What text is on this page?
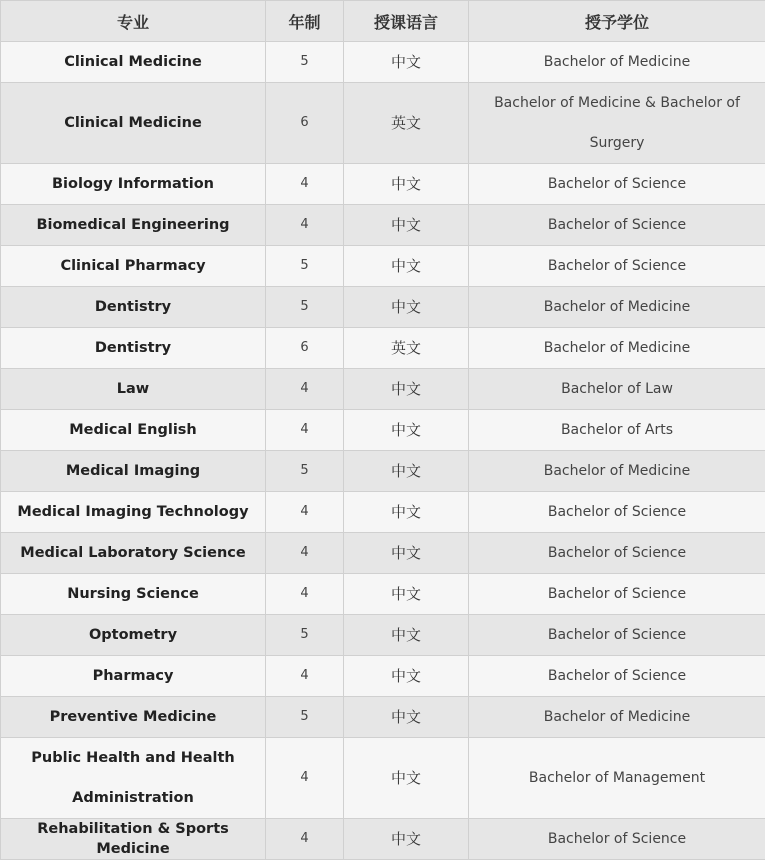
专业	年制	授课语言	授予学位
Clinical Medicine	5	中文	Bachelor of Medicine
Clinical Medicine	6	英文	Bachelor of Medicine & Bachelor of Surgery
Biology Information	4	中文	Bachelor of Science
Biomedical Engineering	4	中文	Bachelor of Science
Clinical Pharmacy	5	中文	Bachelor of Science
Dentistry	5	中文	Bachelor of Medicine
Dentistry	6	英文	Bachelor of Medicine
Law	4	中文	Bachelor of Law
Medical English	4	中文	Bachelor of Arts
Medical Imaging	5	中文	Bachelor of Medicine
Medical Imaging Technology	4	中文	Bachelor of Science
Medical Laboratory Science	4	中文	Bachelor of Science
Nursing Science	4	中文	Bachelor of Science
Optometry	5	中文	Bachelor of Science
Pharmacy	4	中文	Bachelor of Science
Preventive Medicine	5	中文	Bachelor of Medicine
Public Health and Health Administration	4	中文	Bachelor of Management
Rehabilitation & Sports Medicine	4	中文	Bachelor of Science
